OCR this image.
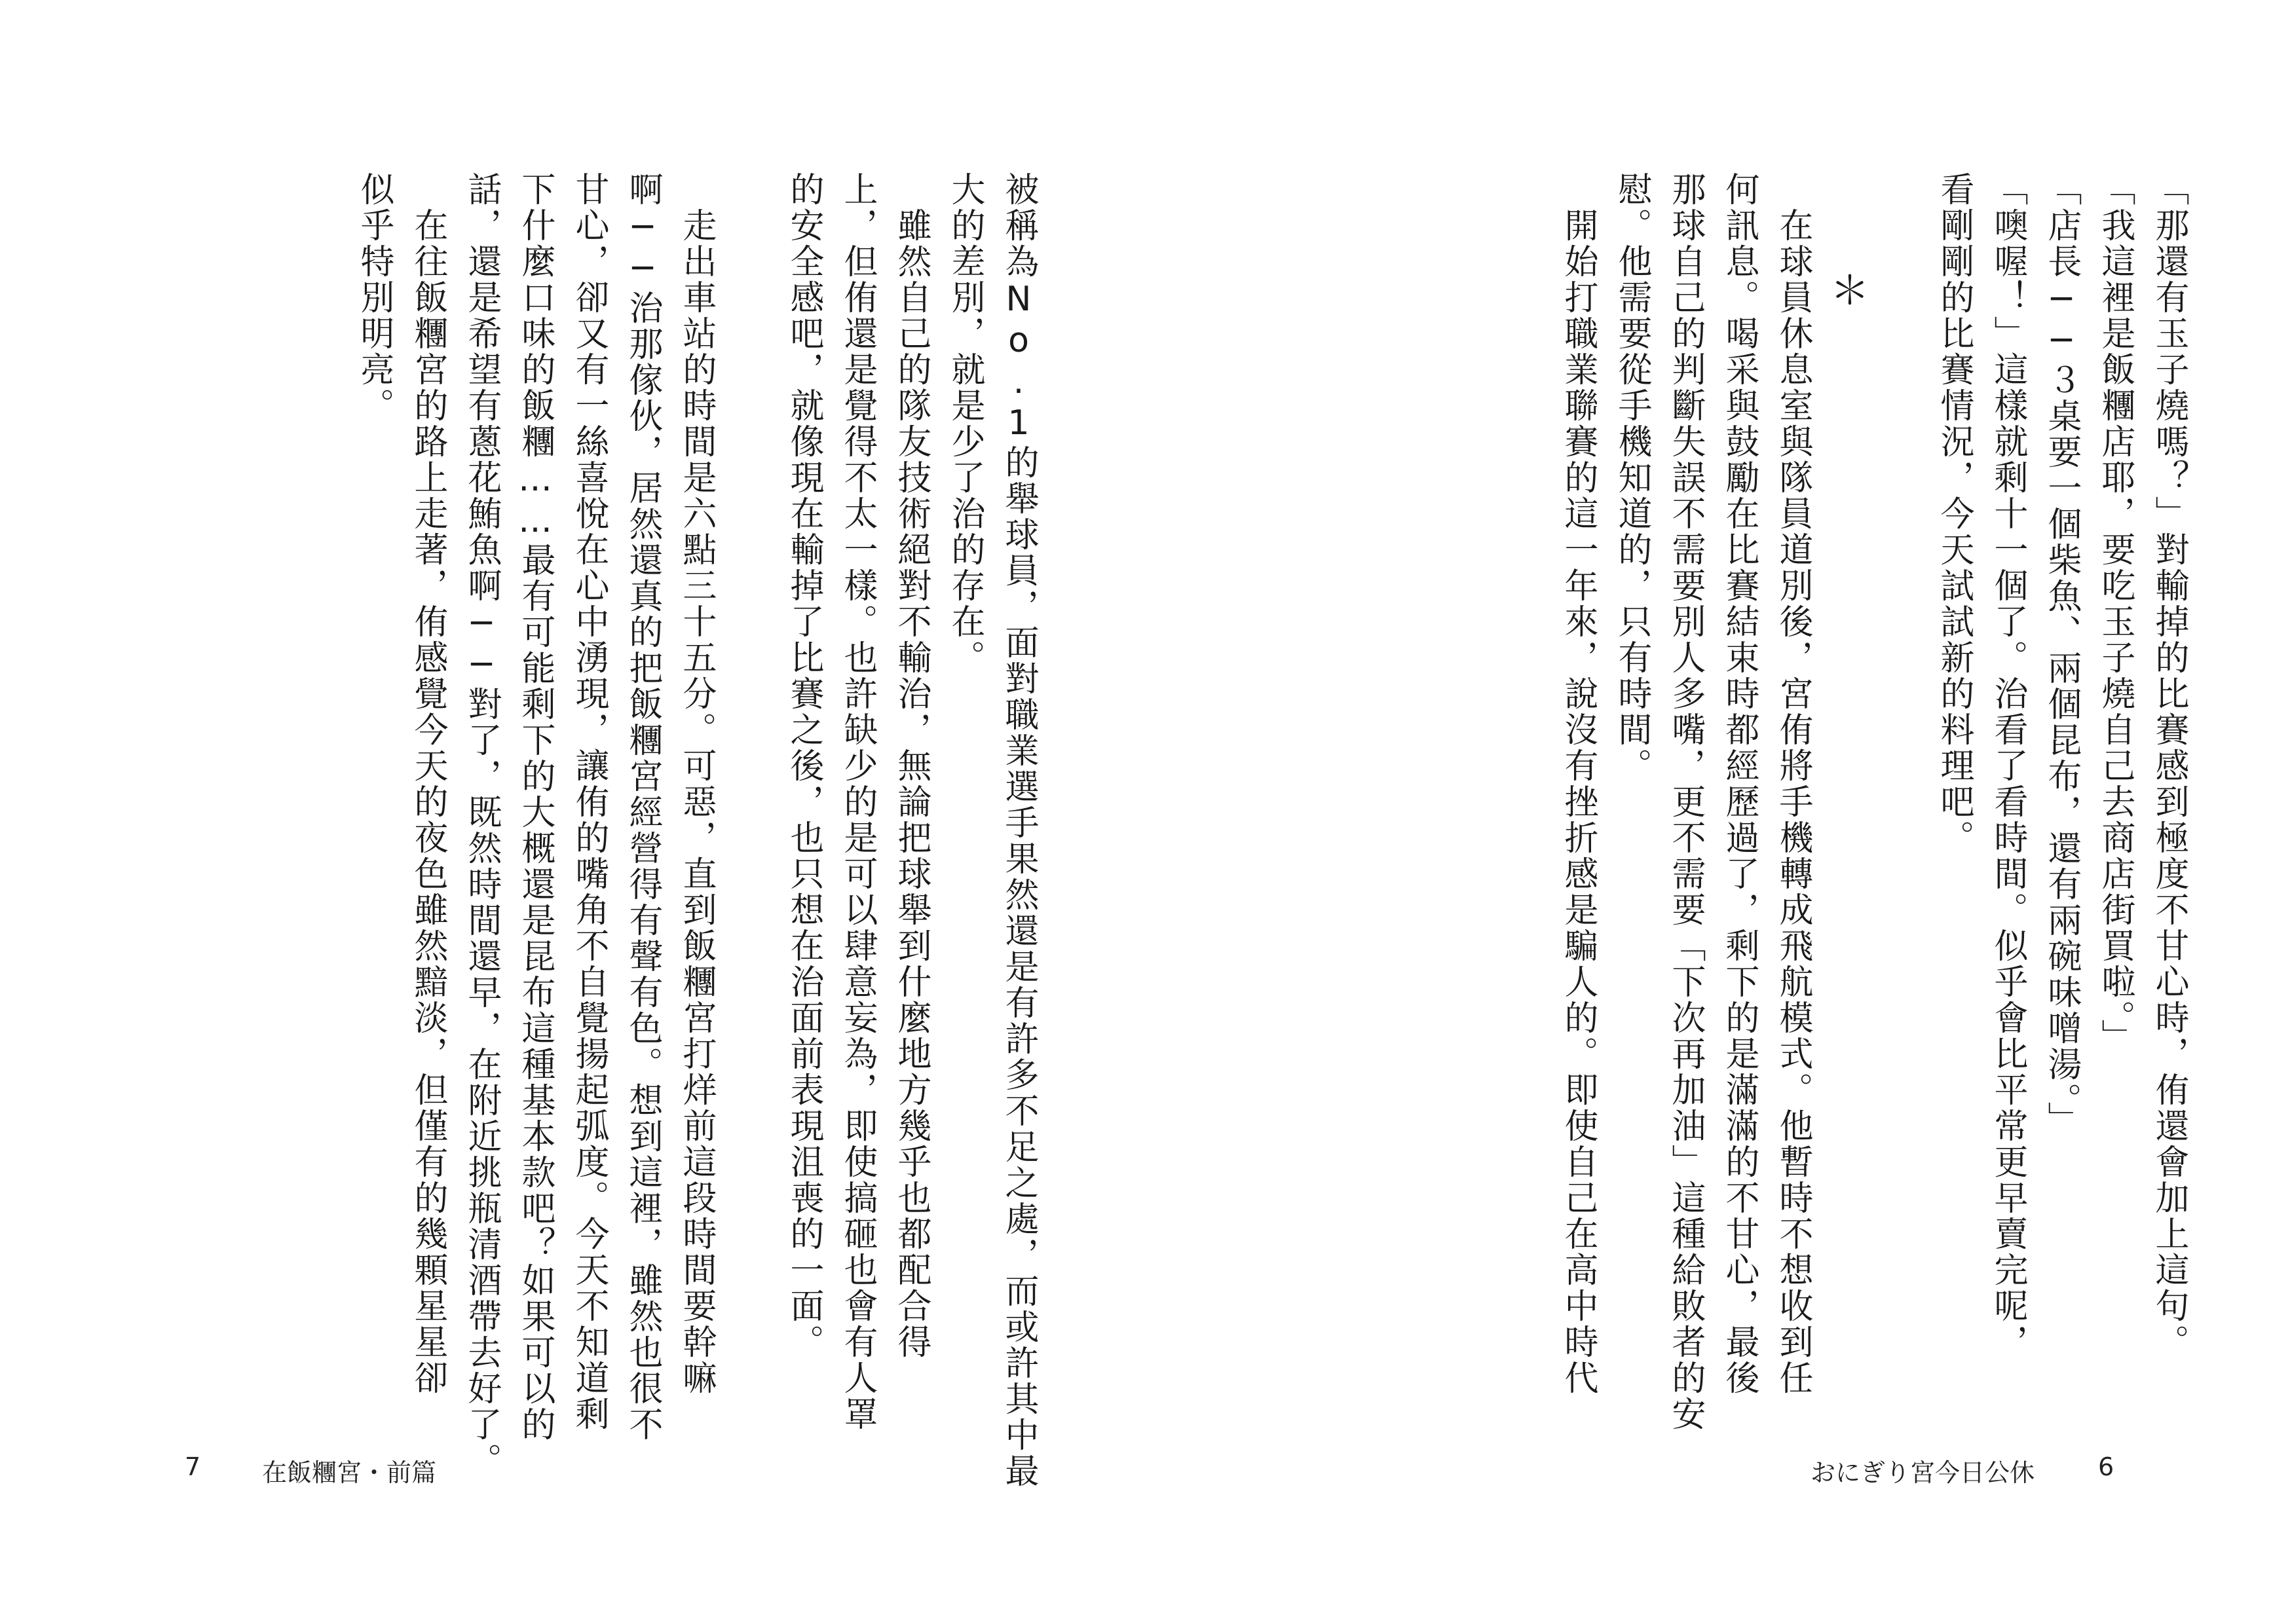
「那還有玉子燒嗎？」對輸掉的比賽感到極度不甘心時，侑還會加上這句。

「我這裡是飯糰店耶，要吃玉子燒自己去商店街買啦。」

「店長──３桌要一個柴魚、兩個昆布，還有兩碗味噌湯。」

「噢喔！」這樣就剩十一個了。治看了看時間。似乎會比平常更早賣完呢，

看剛剛的比賽情況，今天試試新的料理吧。

＊

　在球員休息室與隊員道別後，宮侑將手機轉成飛航模式。他暫時不想收到任

何訊息。喝采與鼓勵在比賽結束時都經歷過了，剩下的是滿滿的不甘心，最後

那球自己的判斷失誤不需要別人多嘴，更不需要「下次再加油」這種給敗者的安

慰。他需要從手機知道的，只有時間。

　開始打職業聯賽的這一年來，說沒有挫折感是騙人的。即使自己在高中時代

おにぎり宮今日公休	6

被稱為No.1的舉球員，面對職業選手果然還是有許多不足之處，而或許其中最

大的差別，就是少了治的存在。

　雖然自己的隊友技術絕對不輸治，無論把球舉到什麼地方幾乎也都配合得

上，但侑還是覺得不太一樣。也許缺少的是可以肆意妄為，即使搞砸也會有人罩

的安全感吧，就像現在輸掉了比賽之後，也只想在治面前表現沮喪的一面。

　走出車站的時間是六點三十五分。可惡，直到飯糰宮打烊前這段時間要幹嘛

啊──治那傢伙，居然還真的把飯糰宮經營得有聲有色。想到這裡，雖然也很不

甘心，卻又有一絲喜悅在心中湧現，讓侑的嘴角不自覺揚起弧度。今天不知道剩

下什麼口味的飯糰……最有可能剩下的大概還是昆布這種基本款吧？如果可以的

話，還是希望有蔥花鮪魚啊──對了，既然時間還早，在附近挑瓶清酒帶去好了。

　在往飯糰宮的路上走著，侑感覺今天的夜色雖然黯淡，但僅有的幾顆星星卻

似乎特別明亮。

7 在飯糰宮・前篇
